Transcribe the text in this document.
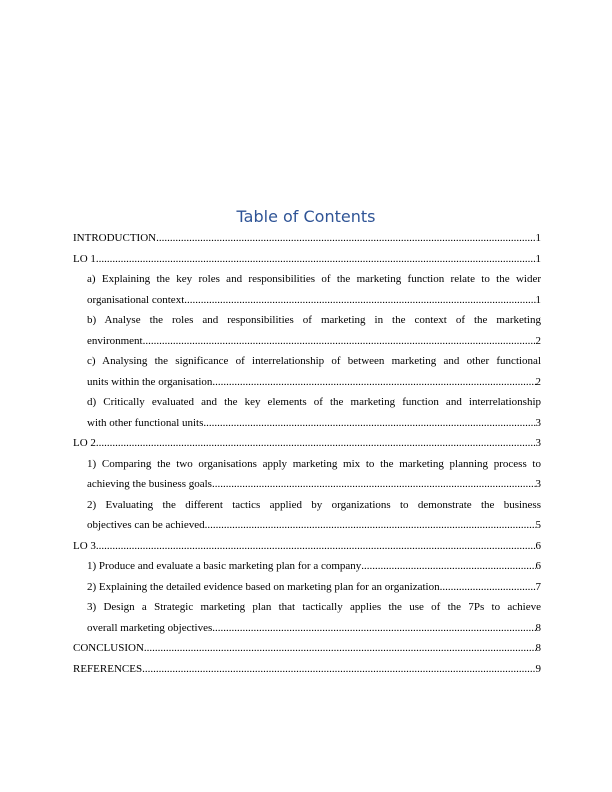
Table of Contents
INTRODUCTION .....	1
LO 1 .....	1
a) Explaining the key roles and responsibilities of the marketing function relate to the wider
organisational context .....	1
b) Analyse the roles and responsibilities of marketing in the context of the marketing
environment .....	2
c) Analysing the significance of interrelationship of between marketing and other functional
units within the organisation .....	2
d) Critically evaluated and the key elements of the marketing function and interrelationship
with other functional units .....	3
LO 2 .....	3
1) Comparing the two organisations apply marketing mix to the marketing planning process to
achieving the business goals .....	3
2) Evaluating the different tactics applied by organizations to demonstrate the business
objectives can be achieved .....	5
LO 3 .....	6
1) Produce and evaluate a basic marketing plan for a company .....	6
2) Explaining the detailed evidence based on marketing plan for an organization. .....	7
3) Design a Strategic marketing plan that tactically applies the use of the 7Ps to achieve
overall marketing objectives .....	8
CONCLUSION .....	8
REFERENCES .....	9
